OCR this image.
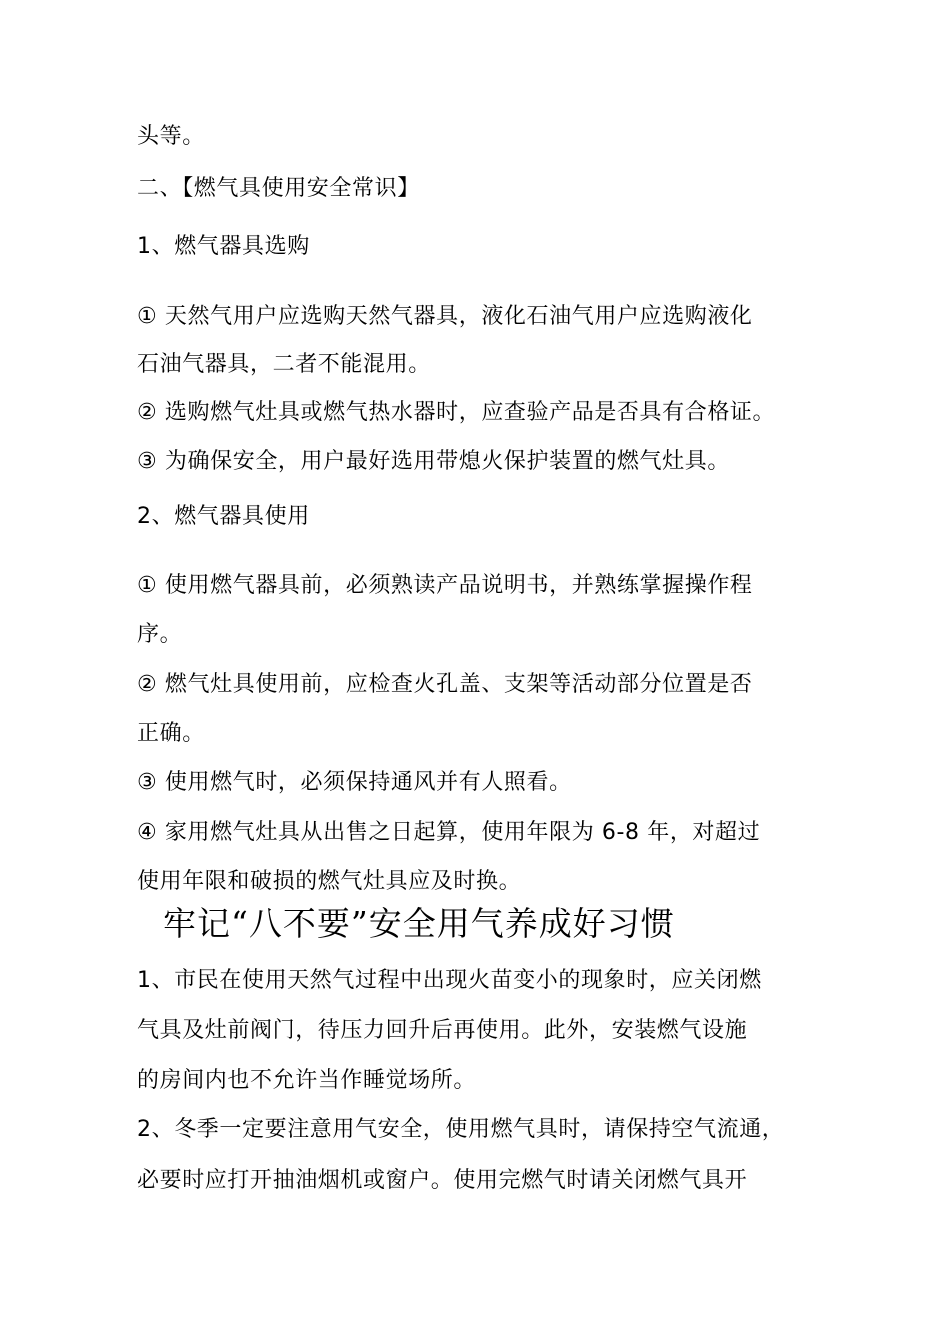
头等。
二、【燃气具使用安全常识】
1、燃气器具选购
① 天然气用户应选购天然气器具，液化石油气用户应选购液化
石油气器具，二者不能混用。
② 选购燃气灶具或燃气热水器时，应查验产品是否具有合格证。
③ 为确保安全，用户最好选用带熄火保护装置的燃气灶具。
2、燃气器具使用
① 使用燃气器具前，必须熟读产品说明书，并熟练掌握操作程
序。
② 燃气灶具使用前，应检查火孔盖、支架等活动部分位置是否
正确。
③ 使用燃气时，必须保持通风并有人照看。
④ 家用燃气灶具从出售之日起算，使用年限为 6-8 年，对超过
使用年限和破损的燃气灶具应及时换。
牢记“八不要”安全用气养成好习惯
1、市民在使用天然气过程中出现火苗变小的现象时，应关闭燃
气具及灶前阀门，待压力回升后再使用。此外，安装燃气设施
的房间内也不允许当作睡觉场所。
2、冬季一定要注意用气安全，使用燃气具时，请保持空气流通，
必要时应打开抽油烟机或窗户。使用完燃气时请关闭燃气具开
